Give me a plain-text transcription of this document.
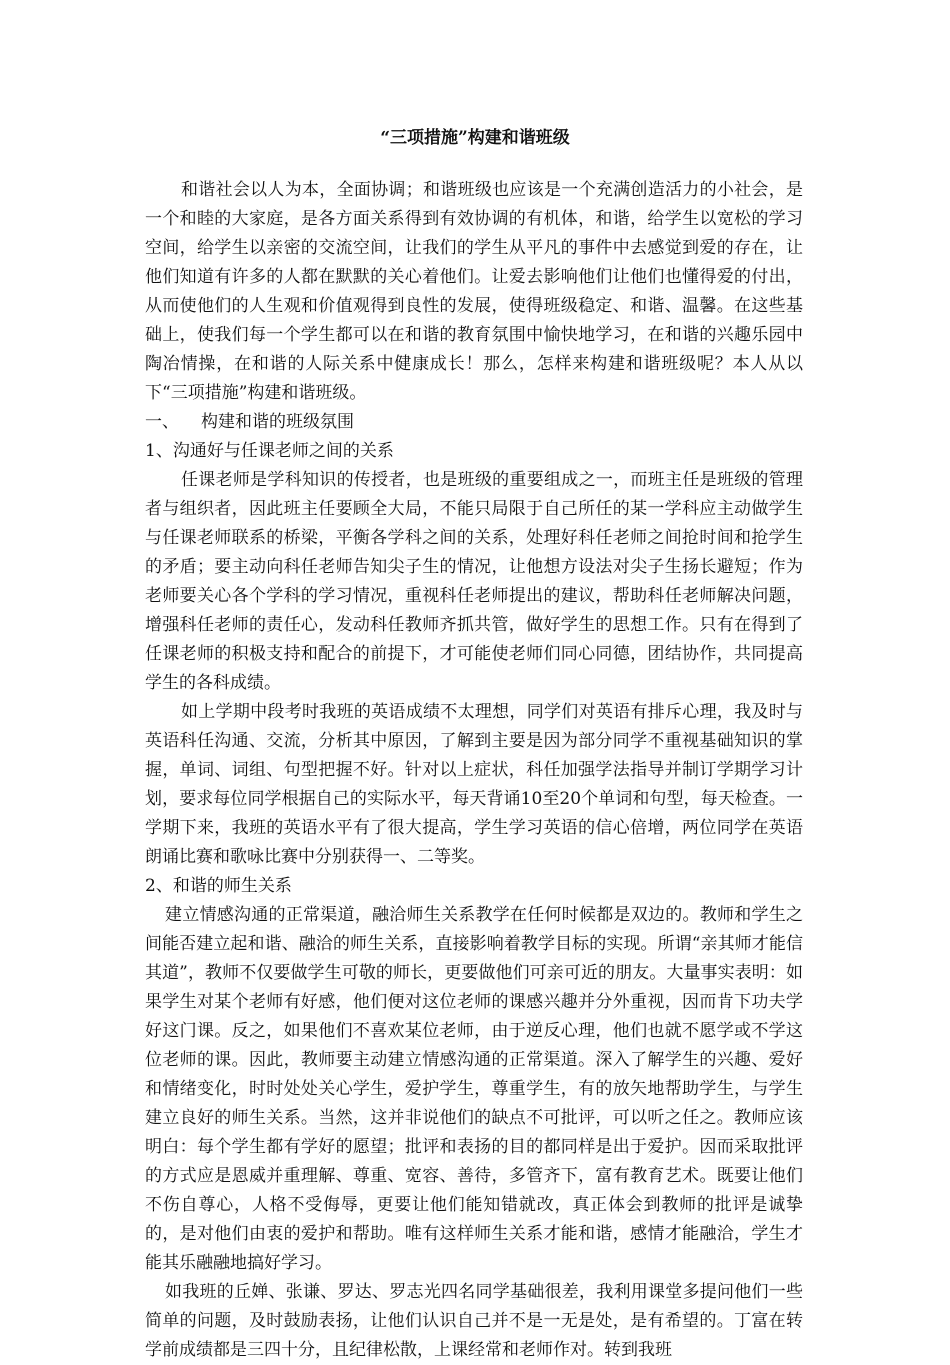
“三项措施”构建和谐班级

和谐社会以人为本，全面协调；和谐班级也应该是一个充满创造活力的小社会，是一个和睦的大家庭，是各方面关系得到有效协调的有机体，和谐，给学生以宽松的学习空间，给学生以亲密的交流空间，让我们的学生从平凡的事件中去感觉到爱的存在，让他们知道有许多的人都在默默的关心着他们。让爱去影响他们让他们也懂得爱的付出，从而使他们的人生观和价值观得到良性的发展，使得班级稳定、和谐、温馨。在这些基础上，使我们每一个学生都可以在和谐的教育氛围中愉快地学习，在和谐的兴趣乐园中陶冶情操，在和谐的人际关系中健康成长！那么，怎样来构建和谐班级呢？本人从以下“三项措施”构建和谐班级。

一、 构建和谐的班级氛围

1、沟通好与任课老师之间的关系

任课老师是学科知识的传授者，也是班级的重要组成之一，而班主任是班级的管理者与组织者，因此班主任要顾全大局，不能只局限于自己所任的某一学科应主动做学生与任课老师联系的桥梁，平衡各学科之间的关系，处理好科任老师之间抢时间和抢学生的矛盾；要主动向科任老师告知尖子生的情况，让他想方设法对尖子生扬长避短；作为老师要关心各个学科的学习情况，重视科任老师提出的建议，帮助科任老师解决问题，增强科任老师的责任心，发动科任教师齐抓共管，做好学生的思想工作。只有在得到了任课老师的积极支持和配合的前提下，才可能使老师们同心同德，团结协作，共同提高学生的各科成绩。

如上学期中段考时我班的英语成绩不太理想，同学们对英语有排斥心理，我及时与英语科任沟通、交流，分析其中原因，了解到主要是因为部分同学不重视基础知识的掌握，单词、词组、句型把握不好。针对以上症状，科任加强学法指导并制订学期学习计划，要求每位同学根据自己的实际水平，每天背诵10至20个单词和句型，每天检查。一学期下来，我班的英语水平有了很大提高，学生学习英语的信心倍增，两位同学在英语朗诵比赛和歌咏比赛中分别获得一、二等奖。

2、和谐的师生关系

建立情感沟通的正常渠道，融洽师生关系教学在任何时候都是双边的。教师和学生之间能否建立起和谐、融洽的师生关系，直接影响着教学目标的实现。所谓“亲其师才能信其道”，教师不仅要做学生可敬的师长，更要做他们可亲可近的朋友。大量事实表明：如果学生对某个老师有好感，他们便对这位老师的课感兴趣并分外重视，因而肯下功夫学好这门课。反之，如果他们不喜欢某位老师，由于逆反心理，他们也就不愿学或不学这位老师的课。因此，教师要主动建立情感沟通的正常渠道。深入了解学生的兴趣、爱好和情绪变化，时时处处关心学生，爱护学生，尊重学生，有的放矢地帮助学生，与学生建立良好的师生关系。当然，这并非说他们的缺点不可批评，可以听之任之。教师应该明白：每个学生都有学好的愿望；批评和表扬的目的都同样是出于爱护。因而采取批评的方式应是恩威并重理解、尊重、宽容、善待，多管齐下，富有教育艺术。既要让他们不伤自尊心，人格不受侮辱，更要让他们能知错就改，真正体会到教师的批评是诚挚的，是对他们由衷的爱护和帮助。唯有这样师生关系才能和谐，感情才能融洽，学生才能其乐融融地搞好学习。

如我班的丘婵、张谦、罗达、罗志光四名同学基础很差，我利用课堂多提问他们一些简单的问题，及时鼓励表扬，让他们认识自己并不是一无是处，是有希望的。丁富在转学前成绩都是三四十分，且纪律松散，上课经常和老师作对。转到我班
